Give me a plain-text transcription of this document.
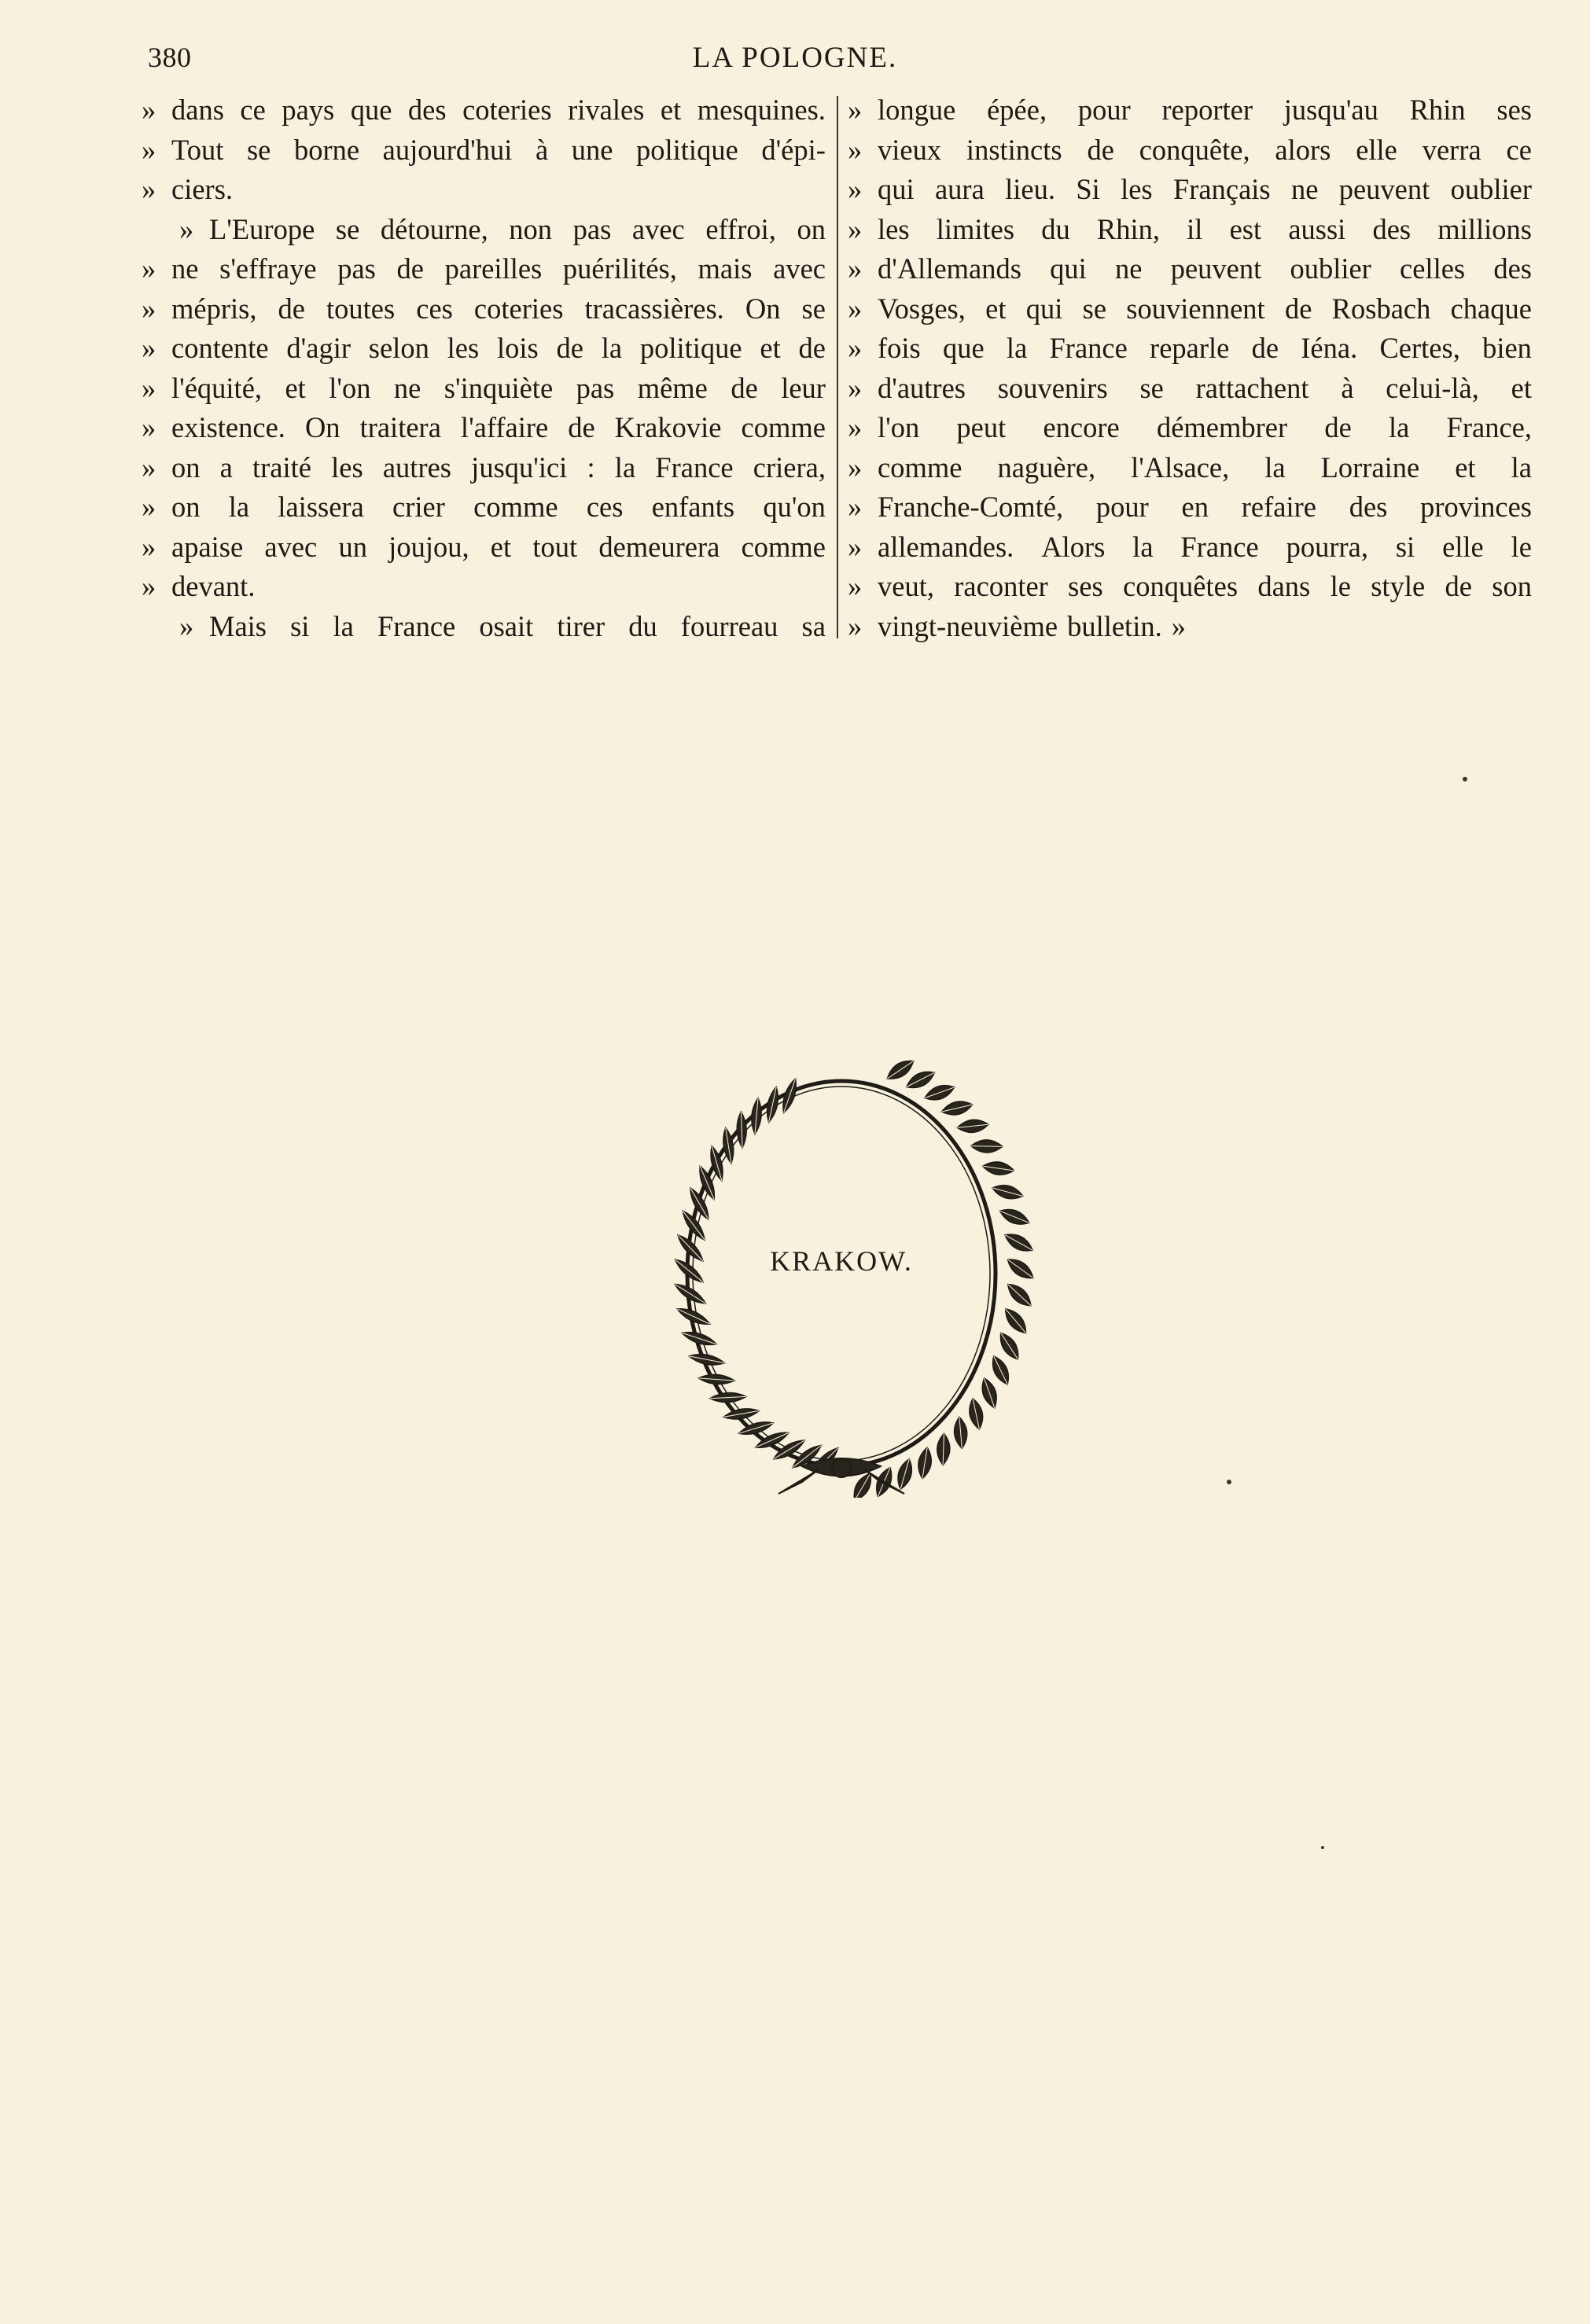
380	LA POLOGNE.
» dans ce pays que des coteries rivales et mesquines.
» Tout se borne aujourd'hui à une politique d'épi-
» ciers.
» L'Europe se détourne, non pas avec effroi, on
» ne s'effraye pas de pareilles puérilités, mais avec
» mépris, de toutes ces coteries tracassières. On se
» contente d'agir selon les lois de la politique et de
» l'équité, et l'on ne s'inquiète pas même de leur
» existence. On traitera l'affaire de Krakovie comme
» on a traité les autres jusqu'ici : la France criera,
» on la laissera crier comme ces enfants qu'on
» apaise avec un joujou, et tout demeurera comme
» devant.
» Mais si la France osait tirer du fourreau sa
» longue épée, pour reporter jusqu'au Rhin ses
» vieux instincts de conquête, alors elle verra ce
» qui aura lieu. Si les Français ne peuvent oublier
» les limites du Rhin, il est aussi des millions
» d'Allemands qui ne peuvent oublier celles des
» Vosges, et qui se souviennent de Rosbach chaque
» fois que la France reparle de Iéna. Certes, bien
» d'autres souvenirs se rattachent à celui-là, et
» l'on peut encore démembrer de la France,
» comme naguère, l'Alsace, la Lorraine et la
» Franche-Comté, pour en refaire des provinces
» allemandes. Alors la France pourra, si elle le
» veut, raconter ses conquêtes dans le style de son
» vingt-neuvième bulletin. »
KRAKOW.
